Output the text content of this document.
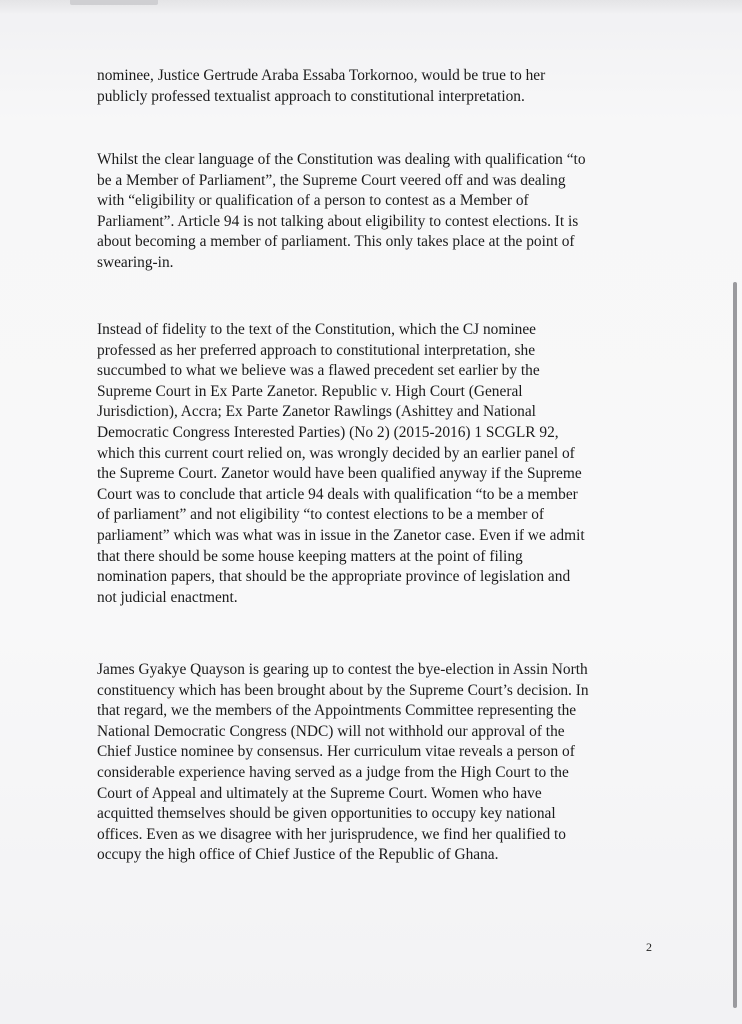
nominee, Justice Gertrude Araba Essaba Torkornoo, would be true to her
publicly professed textualist approach to constitutional interpretation.
Whilst the clear language of the Constitution was dealing with qualification “to
be a Member of Parliament”, the Supreme Court veered off and was dealing
with “eligibility or qualification of a person to contest as a Member of
Parliament”. Article 94 is not talking about eligibility to contest elections. It is
about becoming a member of parliament. This only takes place at the point of
swearing-in.
Instead of fidelity to the text of the Constitution, which the CJ nominee
professed as her preferred approach to constitutional interpretation, she
succumbed to what we believe was a flawed precedent set earlier by the
Supreme Court in Ex Parte Zanetor. Republic v. High Court (General
Jurisdiction), Accra; Ex Parte Zanetor Rawlings (Ashittey and National
Democratic Congress Interested Parties) (No 2) (2015-2016) 1 SCGLR 92,
which this current court relied on, was wrongly decided by an earlier panel of
the Supreme Court. Zanetor would have been qualified anyway if the Supreme
Court was to conclude that article 94 deals with qualification “to be a member
of parliament” and not eligibility “to contest elections to be a member of
parliament” which was what was in issue in the Zanetor case. Even if we admit
that there should be some house keeping matters at the point of filing
nomination papers, that should be the appropriate province of legislation and
not judicial enactment.
James Gyakye Quayson is gearing up to contest the bye-election in Assin North
constituency which has been brought about by the Supreme Court’s decision. In
that regard, we the members of the Appointments Committee representing the
National Democratic Congress (NDC) will not withhold our approval of the
Chief Justice nominee by consensus. Her curriculum vitae reveals a person of
considerable experience having served as a judge from the High Court to the
Court of Appeal and ultimately at the Supreme Court. Women who have
acquitted themselves should be given opportunities to occupy key national
offices. Even as we disagree with her jurisprudence, we find her qualified to
occupy the high office of Chief Justice of the Republic of Ghana.
2
